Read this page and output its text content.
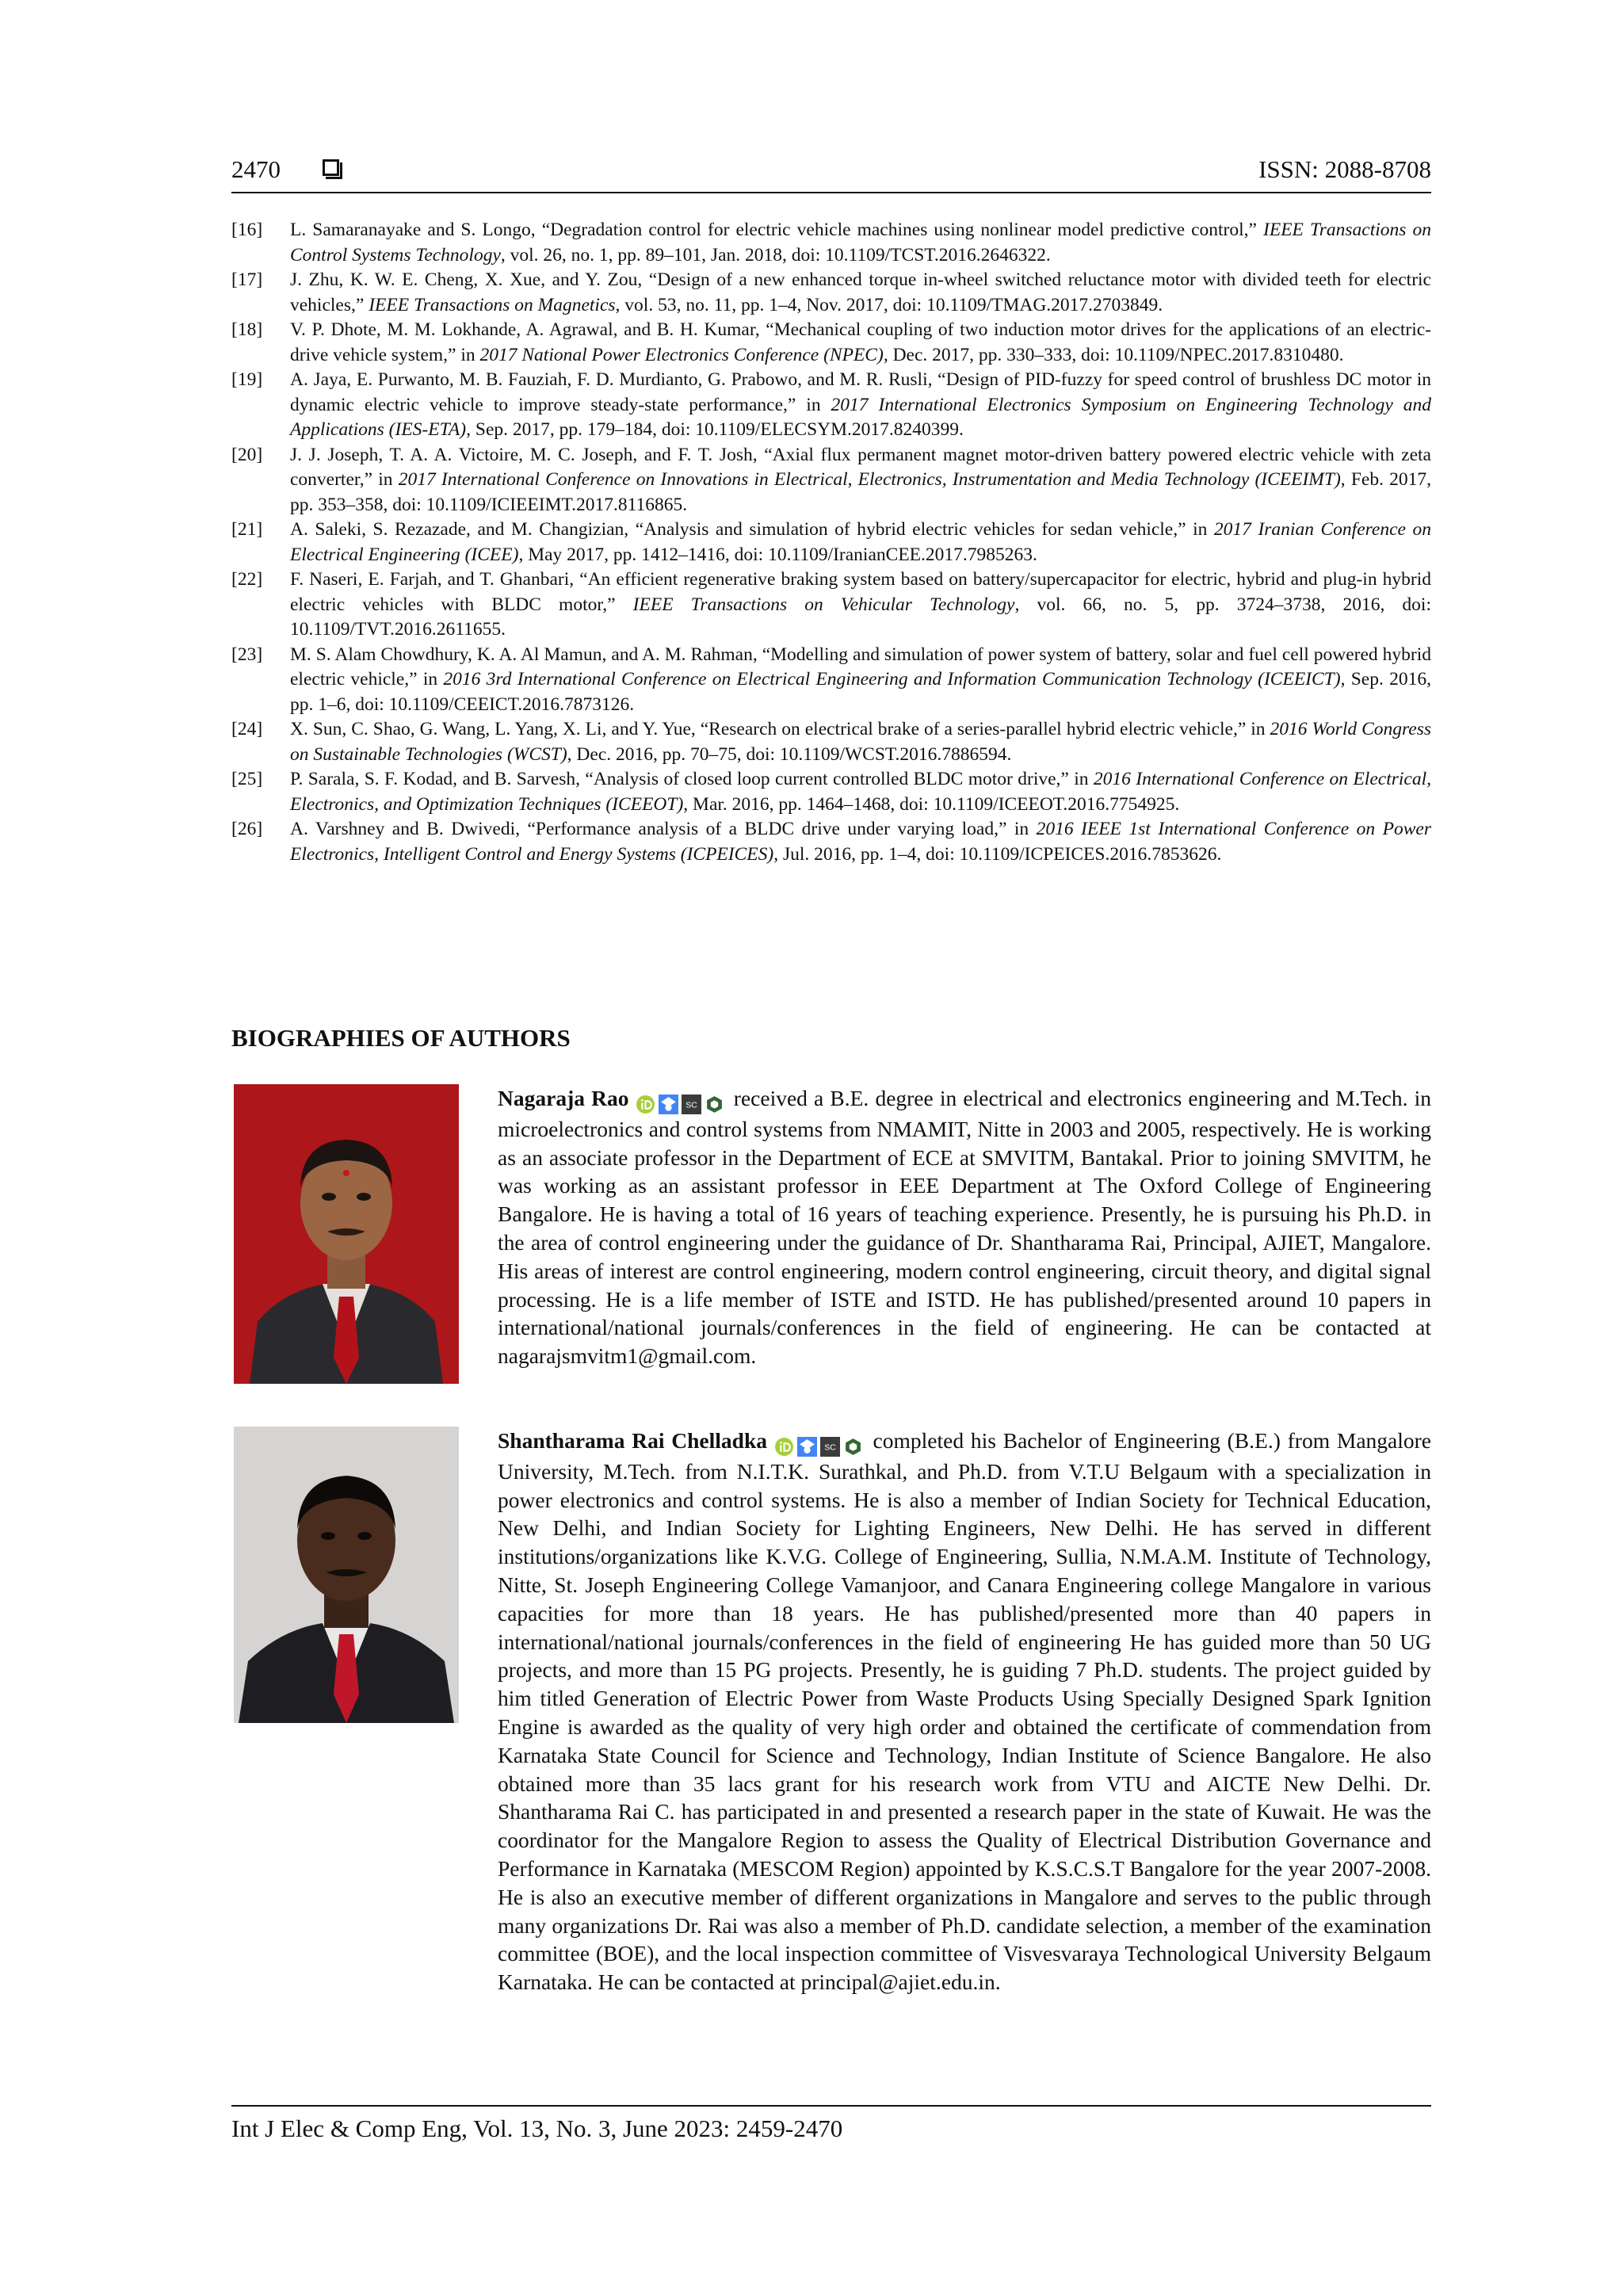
2470	ISSN: 2088-8708
[16] L. Samaranayake and S. Longo, “Degradation control for electric vehicle machines using nonlinear model predictive control,” IEEE Transactions on Control Systems Technology, vol. 26, no. 1, pp. 89–101, Jan. 2018, doi: 10.1109/TCST.2016.2646322.
[17] J. Zhu, K. W. E. Cheng, X. Xue, and Y. Zou, “Design of a new enhanced torque in-wheel switched reluctance motor with divided teeth for electric vehicles,” IEEE Transactions on Magnetics, vol. 53, no. 11, pp. 1–4, Nov. 2017, doi: 10.1109/TMAG.2017.2703849.
[18] V. P. Dhote, M. M. Lokhande, A. Agrawal, and B. H. Kumar, “Mechanical coupling of two induction motor drives for the applications of an electric-drive vehicle system,” in 2017 National Power Electronics Conference (NPEC), Dec. 2017, pp. 330–333, doi: 10.1109/NPEC.2017.8310480.
[19] A. Jaya, E. Purwanto, M. B. Fauziah, F. D. Murdianto, G. Prabowo, and M. R. Rusli, “Design of PID-fuzzy for speed control of brushless DC motor in dynamic electric vehicle to improve steady-state performance,” in 2017 International Electronics Symposium on Engineering Technology and Applications (IES-ETA), Sep. 2017, pp. 179–184, doi: 10.1109/ELECSYM.2017.8240399.
[20] J. J. Joseph, T. A. A. Victoire, M. C. Joseph, and F. T. Josh, “Axial flux permanent magnet motor-driven battery powered electric vehicle with zeta converter,” in 2017 International Conference on Innovations in Electrical, Electronics, Instrumentation and Media Technology (ICEEIMT), Feb. 2017, pp. 353–358, doi: 10.1109/ICIEEIMT.2017.8116865.
[21] A. Saleki, S. Rezazade, and M. Changizian, “Analysis and simulation of hybrid electric vehicles for sedan vehicle,” in 2017 Iranian Conference on Electrical Engineering (ICEE), May 2017, pp. 1412–1416, doi: 10.1109/IranianCEE.2017.7985263.
[22] F. Naseri, E. Farjah, and T. Ghanbari, “An efficient regenerative braking system based on battery/supercapacitor for electric, hybrid and plug-in hybrid electric vehicles with BLDC motor,” IEEE Transactions on Vehicular Technology, vol. 66, no. 5, pp. 3724–3738, 2016, doi: 10.1109/TVT.2016.2611655.
[23] M. S. Alam Chowdhury, K. A. Al Mamun, and A. M. Rahman, “Modelling and simulation of power system of battery, solar and fuel cell powered hybrid electric vehicle,” in 2016 3rd International Conference on Electrical Engineering and Information Communication Technology (ICEEICT), Sep. 2016, pp. 1–6, doi: 10.1109/CEEICT.2016.7873126.
[24] X. Sun, C. Shao, G. Wang, L. Yang, X. Li, and Y. Yue, “Research on electrical brake of a series-parallel hybrid electric vehicle,” in 2016 World Congress on Sustainable Technologies (WCST), Dec. 2016, pp. 70–75, doi: 10.1109/WCST.2016.7886594.
[25] P. Sarala, S. F. Kodad, and B. Sarvesh, “Analysis of closed loop current controlled BLDC motor drive,” in 2016 International Conference on Electrical, Electronics, and Optimization Techniques (ICEEOT), Mar. 2016, pp. 1464–1468, doi: 10.1109/ICEEOT.2016.7754925.
[26] A. Varshney and B. Dwivedi, “Performance analysis of a BLDC drive under varying load,” in 2016 IEEE 1st International Conference on Power Electronics, Intelligent Control and Energy Systems (ICPEICES), Jul. 2016, pp. 1–4, doi: 10.1109/ICPEICES.2016.7853626.
BIOGRAPHIES OF AUTHORS
Nagaraja Rao	SC received a B.E. degree in electrical and electronics engineering and M.Tech. in microelectronics and control systems from NMAMIT, Nitte in 2003 and 2005, respectively. He is working as an associate professor in the Department of ECE at SMVITM, Bantakal. Prior to joining SMVITM, he was working as an assistant professor in EEE Department at The Oxford College of Engineering Bangalore. He is having a total of 16 years of teaching experience. Presently, he is pursuing his Ph.D. in the area of control engineering under the guidance of Dr. Shantharama Rai, Principal, AJIET, Mangalore. His areas of interest are control engineering, modern control engineering, circuit theory, and digital signal processing. He is a life member of ISTE and ISTD. He has published/presented around 10 papers in international/national journals/conferences in the field of engineering. He can be contacted at nagarajsmvitm1@gmail.com.
Shantharama Rai Chelladka	SC completed his Bachelor of Engineering (B.E.) from Mangalore University, M.Tech. from N.I.T.K. Surathkal, and Ph.D. from V.T.U Belgaum with a specialization in power electronics and control systems. He is also a member of Indian Society for Technical Education, New Delhi, and Indian Society for Lighting Engineers, New Delhi. He has served in different institutions/organizations like K.V.G. College of Engineering, Sullia, N.M.A.M. Institute of Technology, Nitte, St. Joseph Engineering College Vamanjoor, and Canara Engineering college Mangalore in various capacities for more than 18 years. He has published/presented more than 40 papers in international/national journals/conferences in the field of engineering He has guided more than 50 UG projects, and more than 15 PG projects. Presently, he is guiding 7 Ph.D. students. The project guided by him titled Generation of Electric Power from Waste Products Using Specially Designed Spark Ignition Engine is awarded as the quality of very high order and obtained the certificate of commendation from Karnataka State Council for Science and Technology, Indian Institute of Science Bangalore. He also obtained more than 35 lacs grant for his research work from VTU and AICTE New Delhi. Dr. Shantharama Rai C. has participated in and presented a research paper in the state of Kuwait. He was the coordinator for the Mangalore Region to assess the Quality of Electrical Distribution Governance and Performance in Karnataka (MESCOM Region) appointed by K.S.C.S.T Bangalore for the year 2007-2008. He is also an executive member of different organizations in Mangalore and serves to the public through many organizations Dr. Rai was also a member of Ph.D. candidate selection, a member of the examination committee (BOE), and the local inspection committee of Visvesvaraya Technological University Belgaum Karnataka. He can be contacted at principal@ajiet.edu.in.
Int J Elec & Comp Eng, Vol. 13, No. 3, June 2023: 2459-2470
